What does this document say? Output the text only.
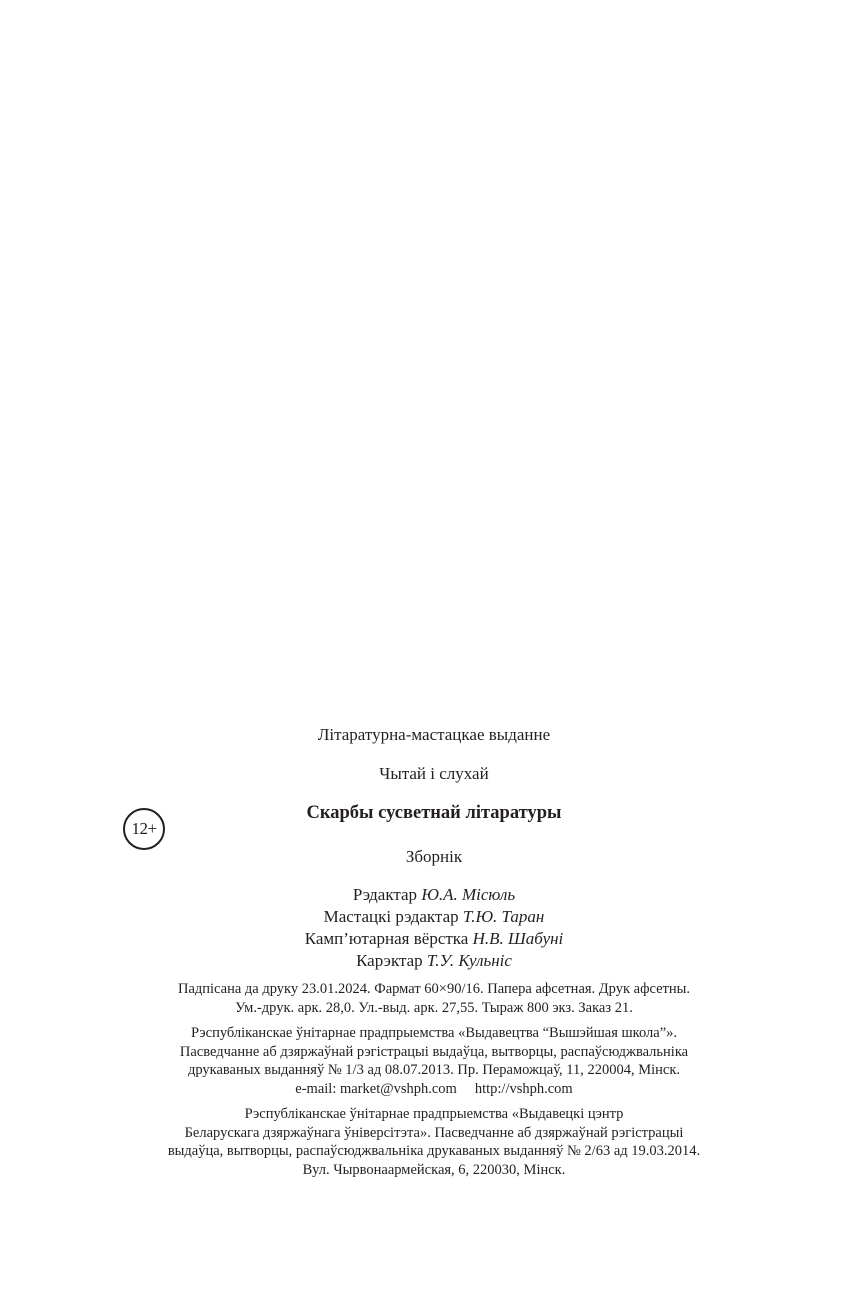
Літаратурна-мастацкае выданне
Чытай і слухай
12+
Скарбы сусветнай літаратуры
Зборнік
Рэдактар Ю.А. Місюль
Мастацкі рэдактар Т.Ю. Таран
Камп’ютарная вёрстка Н.В. Шабуні
Карэктар Т.У. Кульніс
Падпісана да друку 23.01.2024. Фармат 60×90/16. Папера афсетная. Друк афсетны.
Ум.-друк. арк. 28,0. Ул.-выд. арк. 27,55. Тыраж 800 экз. Заказ 21.
Рэспубліканскае ўнітарнае прадпрыемства «Выдавецтва “Вышэйшая школа”».
Пасведчанне аб дзяржаўнай рэгістрацыі выдаўца, вытворцы, распаўсюджвальніка
друкаваных выданняў № 1/3 ад 08.07.2013. Пр. Пераможцаў, 11, 220004, Мінск.
e-mail: market@vshph.com http://vshph.com
Рэспубліканскае ўнітарнае прадпрыемства «Выдавецкі цэнтр
Беларускага дзяржаўнага ўніверсітэта». Пасведчанне аб дзяржаўнай рэгістрацыі
выдаўца, вытворцы, распаўсюджвальніка друкаваных выданняў № 2/63 ад 19.03.2014.
Вул. Чырвонаармейская, 6, 220030, Мінск.
